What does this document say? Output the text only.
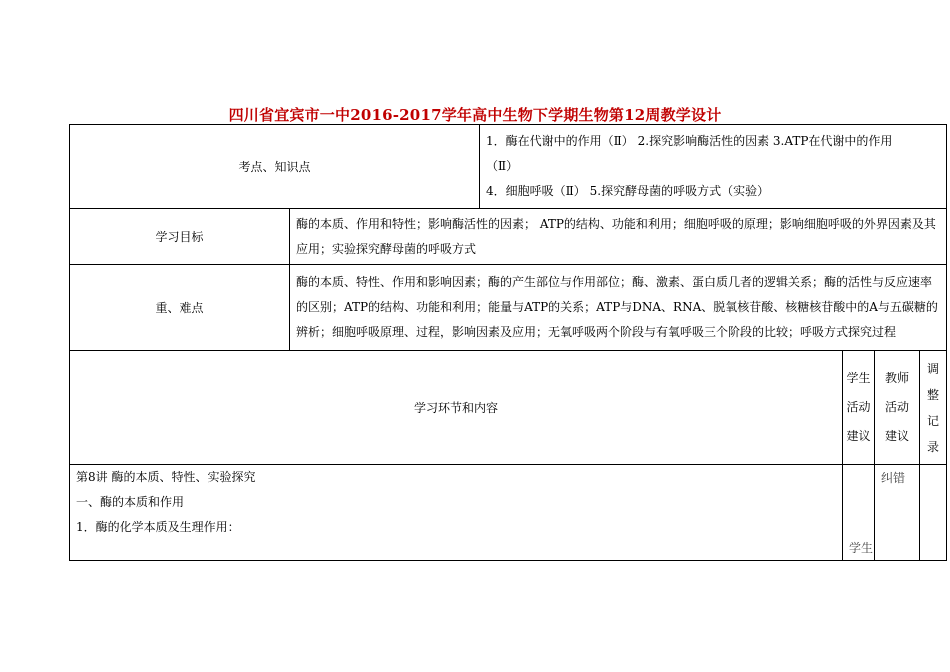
四川省宜宾市一中2016-2017学年高中生物下学期生物第12周教学设计
考点、知识点		1．酶在代谢中的作用（Ⅱ） 2.探究影响酶活性的因素 3.ATP在代谢中的作用
（Ⅱ）
4．细胞呼吸（Ⅱ） 5.探究酵母菌的呼吸方式（实验）			

学习目标	酶的本质、作用和特性；影响酶活性的因素； ATP的结构、功能和利用；细胞呼吸的原理；影响细胞呼吸的外界因素及其应用；实验探究酵母菌的呼吸方式				

重、难点	酶的本质、特性、作用和影响因素；酶的产生部位与作用部位；酶、激素、蛋白质几者的逻辑关系；酶的活性与反应速率的区别；ATP的结构、功能和利用；能量与ATP的关系；ATP与DNA、RNA、脱氧核苷酸、核糖核苷酸中的A与五碳糖的辨析；细胞呼吸原理、过程，影响因素及应用；无氧呼吸两个阶段与有氧呼吸三个阶段的比较；呼吸方式探究过程				

学习环节和内容			学生
活动
建议	教师
活动
建议	调
整
记
录

第8讲 酶的本质、特性、实验探究
一、酶的本质和作用
1．酶的化学本质及生理作用：			学生	纠错	
